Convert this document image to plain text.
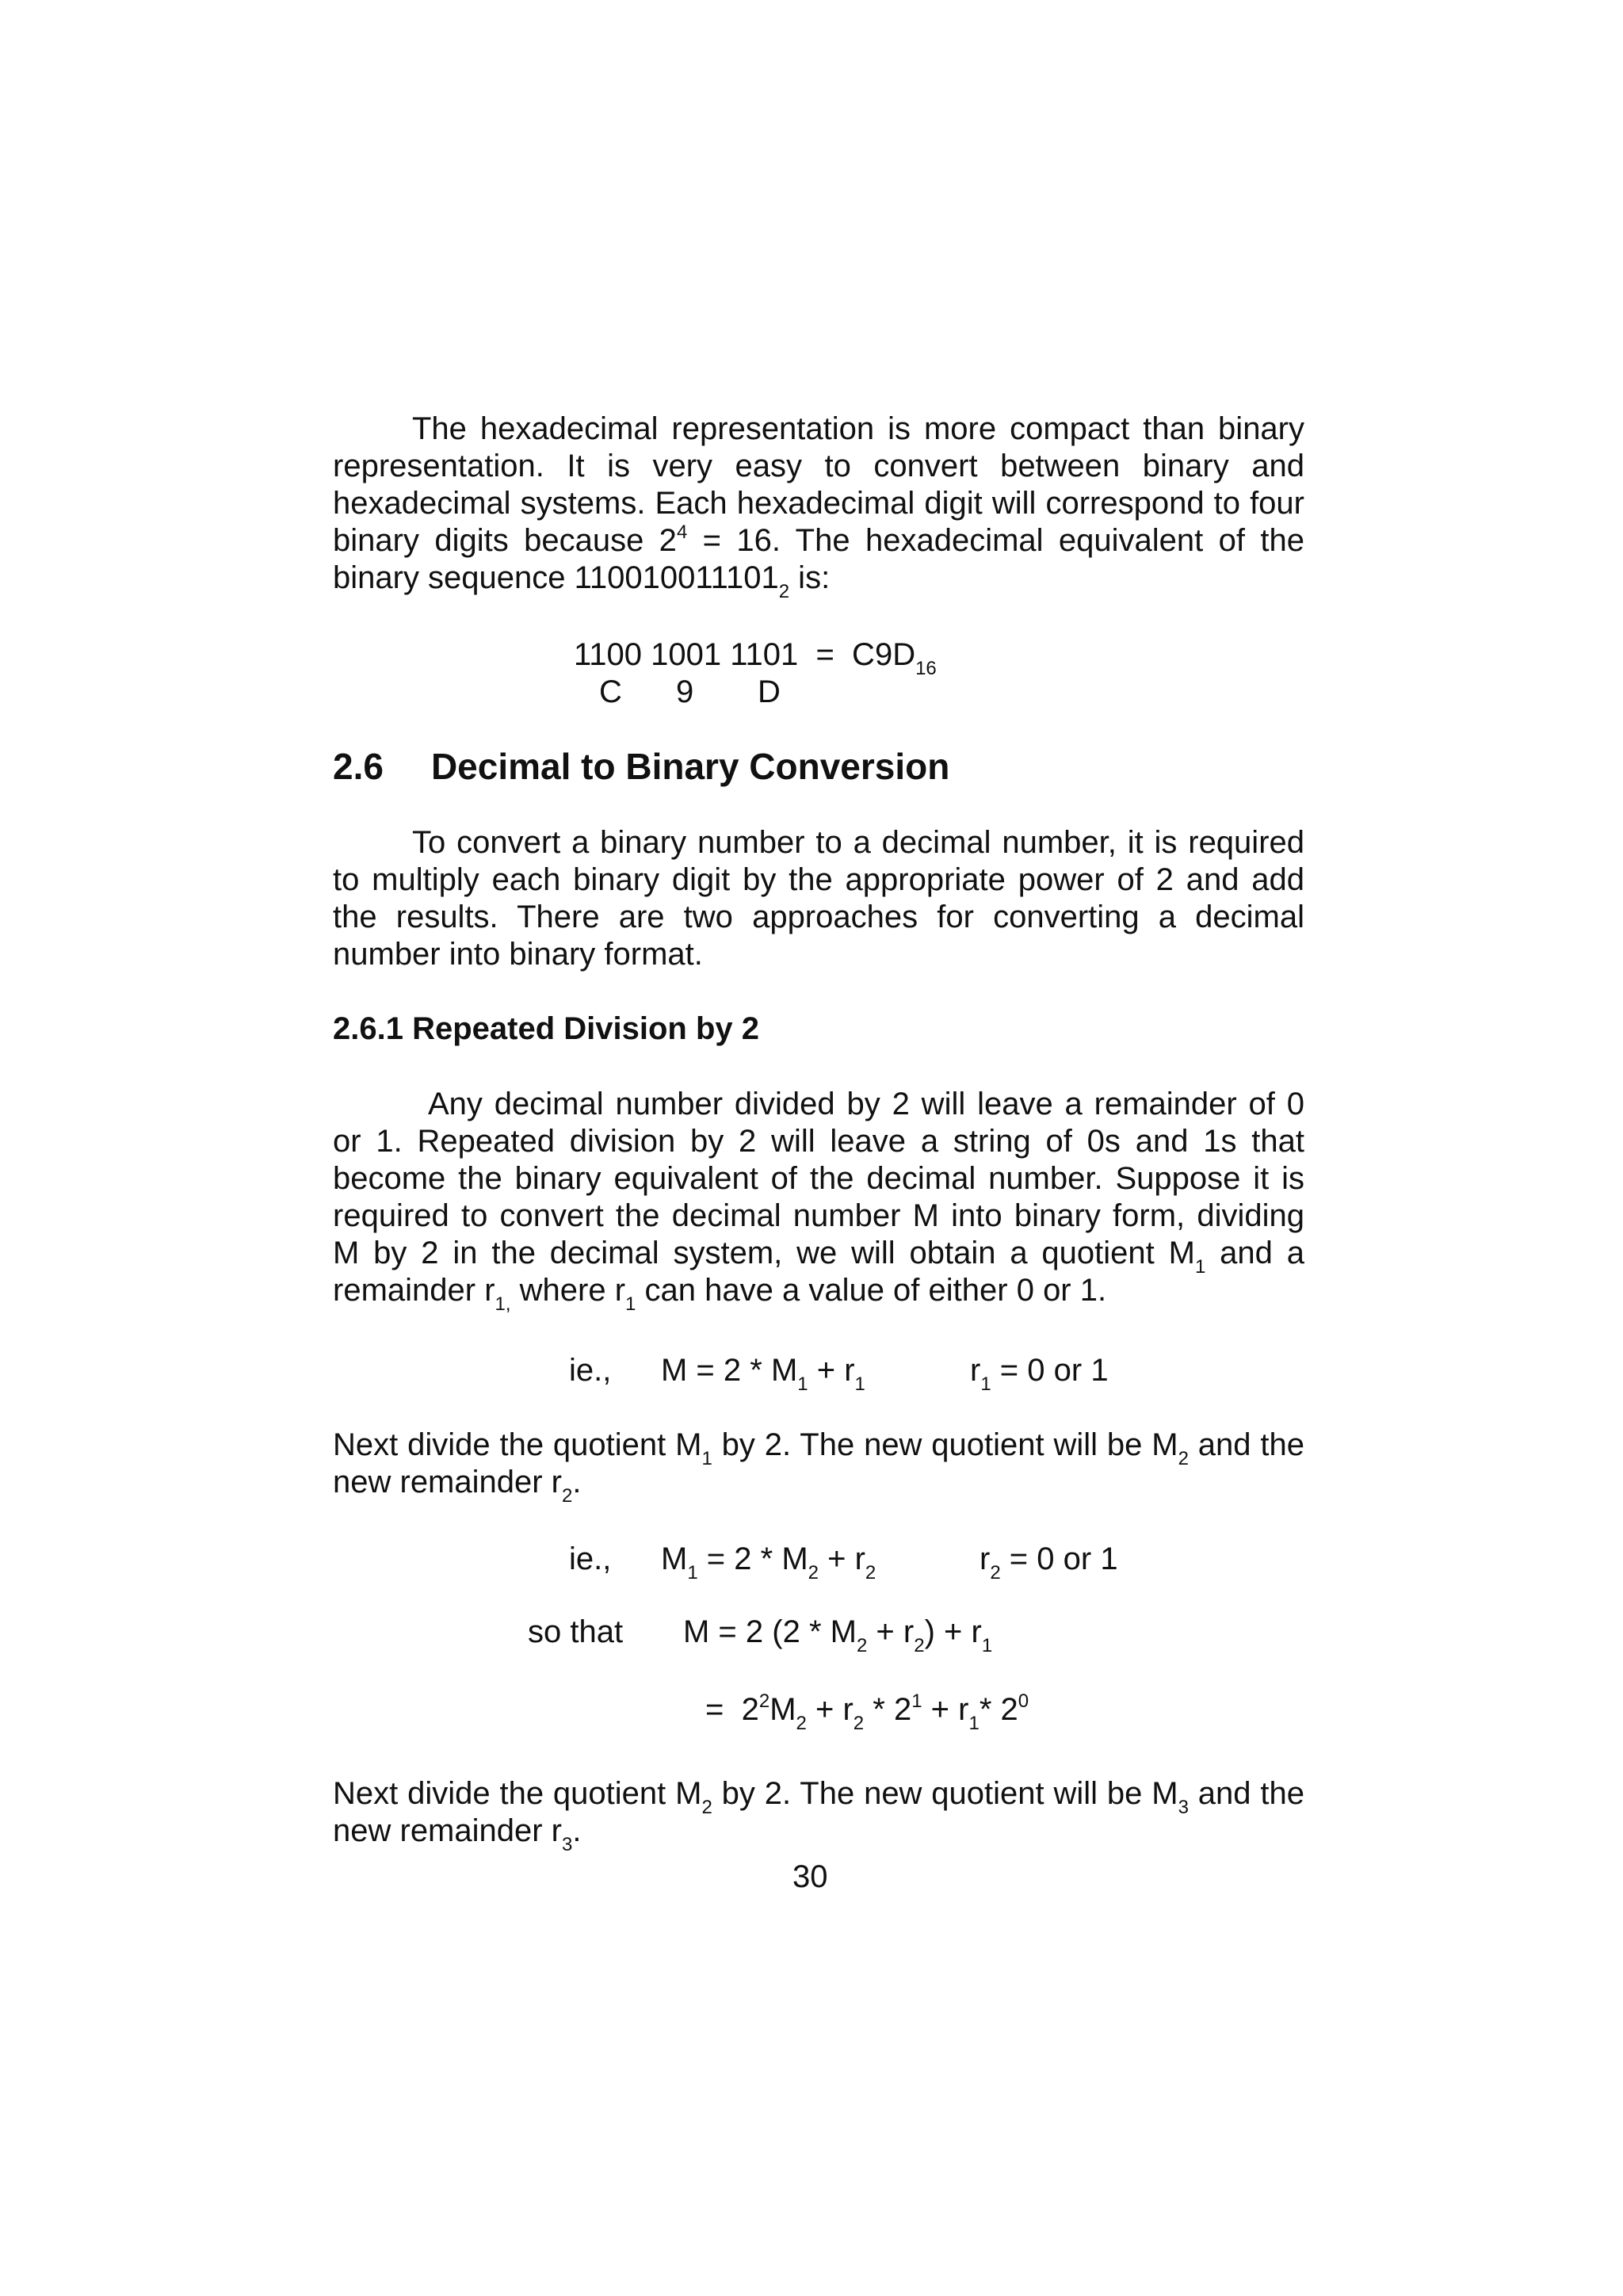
The hexadecimal representation is more compact than binary representation. It is very easy to convert between binary and hexadecimal systems. Each hexadecimal digit will correspond to four binary digits because $2^4 = 16$. The hexadecimal equivalent of the binary sequence $110010011101_2$ is:
1100 1001 $1101 = C9D_{16}$
C 9 D
2.6 Decimal to Binary Conversion
To convert a binary number to a decimal number, it is required to multiply each binary digit by the appropriate power of 2 and add the results. There are two approaches for converting a decimal number into binary format.
2.6.1 Repeated Division by 2
Any decimal number divided by 2 will leave a remainder of 0 or 1. Repeated division by 2 will leave a string of 0s and 1s that become the binary equivalent of the decimal number. Suppose it is required to convert the decimal number M into binary form, dividing M by 2 in the decimal system, we will obtain a quotient $M_1$ and a remainder $r_{1,}$ where $r_1$ can have a value of either 0 or 1.
ie., $M = 2 * M_1 + r_1$	$r_1 = 0$ or 1
Next divide the quotient $M_1$ by 2. The new quotient will be $M_2$ and the new remainder $r_2$.
ie., $M_1 = 2 * M_2 + r_2$	$r_2 = 0$ or 1
so that M = 2 $(2 * M_2 + r_2) + r_1$
=  $2^2M_2 + r_2 * 2^1 + r_1*$ $2^0$
Next divide the quotient $M_2$ by 2. The new quotient will be $M_3$ and the new remainder $r_3$.
30
